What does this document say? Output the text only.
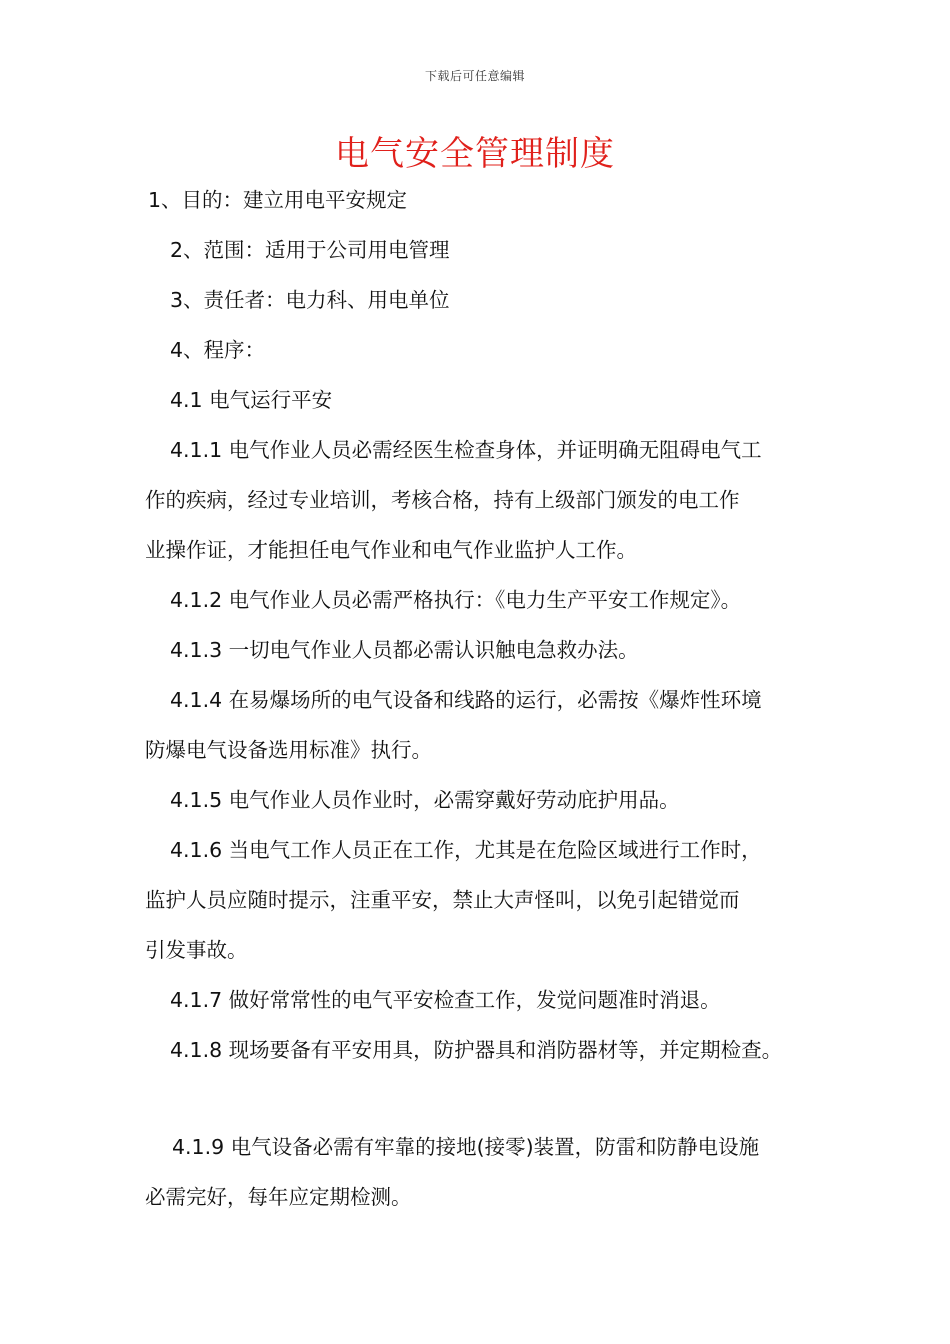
下载后可任意编辑
电气安全管理制度
1、目的：建立用电平安规定
2、范围：适用于公司用电管理
3、责任者：电力科、用电单位
4、程序：
4.1 电气运行平安
4.1.1 电气作业人员必需经医生检查身体，并证明确无阻碍电气工
作的疾病，经过专业培训，考核合格，持有上级部门颁发的电工作
业操作证，才能担任电气作业和电气作业监护人工作。
4.1.2 电气作业人员必需严格执行：《电力生产平安工作规定》。
4.1.3 一切电气作业人员都必需认识触电急救办法。
4.1.4 在易爆场所的电气设备和线路的运行，必需按《爆炸性环境
防爆电气设备选用标准》执行。
4.1.5 电气作业人员作业时，必需穿戴好劳动庇护用品。
4.1.6 当电气工作人员正在工作，尤其是在危险区域进行工作时，
监护人员应随时提示，注重平安，禁止大声怪叫，以免引起错觉而
引发事故。
4.1.7 做好常常性的电气平安检查工作，发觉问题准时消退。
4.1.8 现场要备有平安用具，防护器具和消防器材等，并定期检查。
4.1.9 电气设备必需有牢靠的接地(接零)装置，防雷和防静电设施
必需完好，每年应定期检测。
